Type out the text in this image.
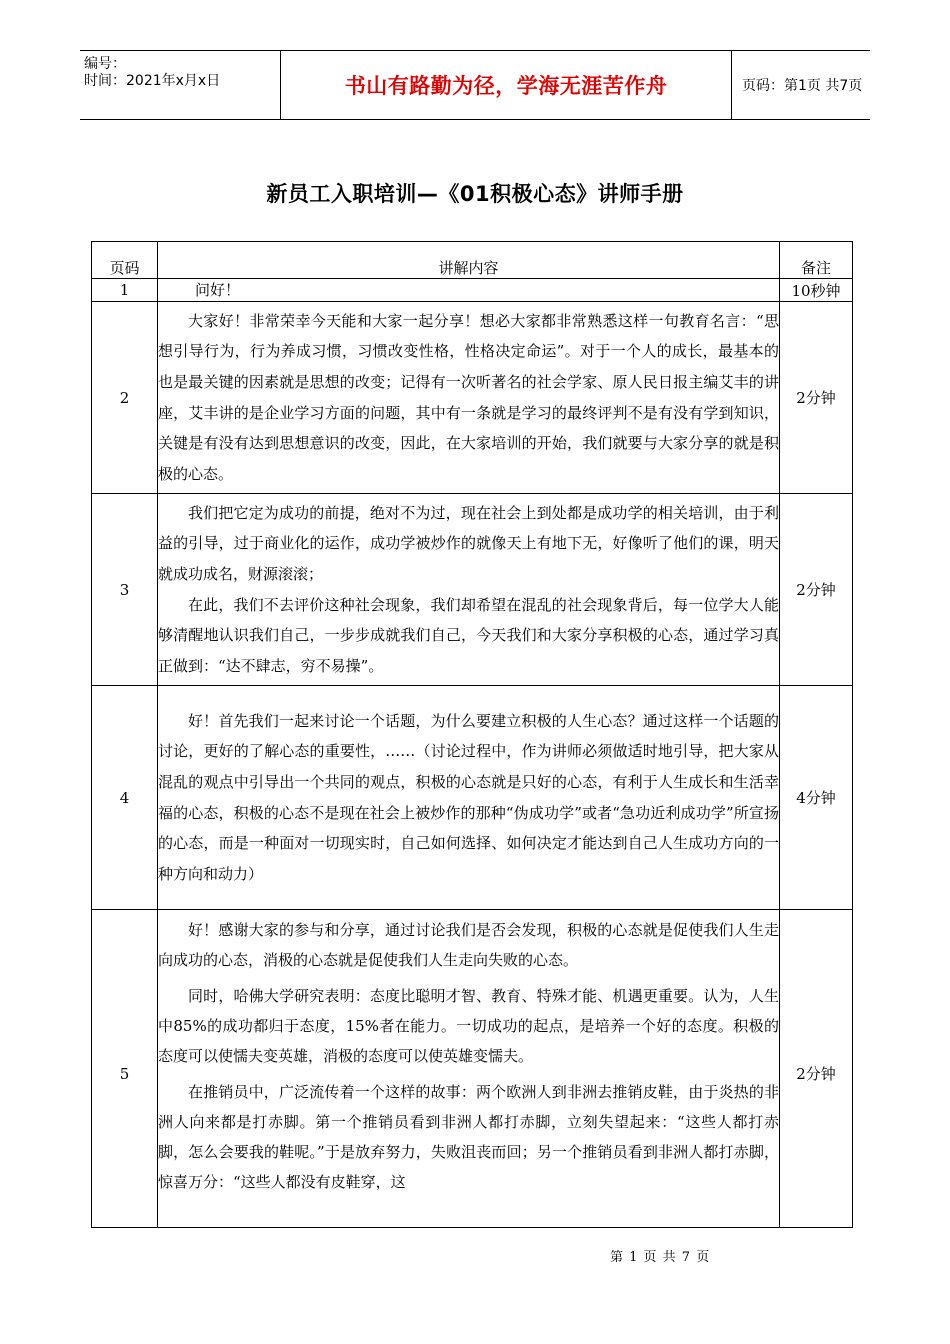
编号：
时间：2021年x月x日	书山有路勤为径，学海无涯苦作舟	页码：第1页 共7页
新员工入职培训—《01积极心态》讲师手册
页码	讲解内容	备注
1	问好！	10秒钟
2	大家好！非常荣幸今天能和大家一起分享！想必大家都非常熟悉这样一句教育名言：“思想引导行为，行为养成习惯，习惯改变性格，性格决定命运”。对于一个人的成长，最基本的也是最关键的因素就是思想的改变；记得有一次听著名的社会学家、原人民日报主编艾丰的讲座，艾丰讲的是企业学习方面的问题，其中有一条就是学习的最终评判不是有没有学到知识，关键是有没有达到思想意识的改变，因此，在大家培训的开始，我们就要与大家分享的就是积极的心态。	2分钟
3	我们把它定为成功的前提，绝对不为过，现在社会上到处都是成功学的相关培训，由于利益的引导，过于商业化的运作，成功学被炒作的就像天上有地下无，好像听了他们的课，明天就成功成名，财源滚滚；

在此，我们不去评价这种社会现象，我们却希望在混乱的社会现象背后，每一位学大人能够清醒地认识我们自己，一步步成就我们自己，今天我们和大家分享积极的心态，通过学习真正做到：“达不肆志，穷不易操”。	2分钟
4	好！首先我们一起来讨论一个话题，为什么要建立积极的人生心态？通过这样一个话题的讨论，更好的了解心态的重要性，……（讨论过程中，作为讲师必须做适时地引导，把大家从混乱的观点中引导出一个共同的观点，积极的心态就是只好的心态，有利于人生成长和生活幸福的心态，积极的心态不是现在社会上被炒作的那种“伪成功学”或者“急功近利成功学”所宣扬的心态，而是一种面对一切现实时，自己如何选择、如何决定才能达到自己人生成功方向的一种方向和动力）	4分钟
5	好！感谢大家的参与和分享，通过讨论我们是否会发现，积极的心态就是促使我们人生走向成功的心态，消极的心态就是促使我们人生走向失败的心态。

同时，哈佛大学研究表明：态度比聪明才智、教育、特殊才能、机遇更重要。认为，人生中85%的成功都归于态度，15%者在能力。一切成功的起点，是培养一个好的态度。积极的态度可以使懦夫变英雄，消极的态度可以使英雄变懦夫。

在推销员中，广泛流传着一个这样的故事：两个欧洲人到非洲去推销皮鞋，由于炎热的非洲人向来都是打赤脚。第一个推销员看到非洲人都打赤脚，立刻失望起来：“这些人都打赤脚，怎么会要我的鞋呢。”于是放弃努力，失败沮丧而回；另一个推销员看到非洲人都打赤脚，惊喜万分：“这些人都没有皮鞋穿，这	2分钟
第 1 页 共 7 页
